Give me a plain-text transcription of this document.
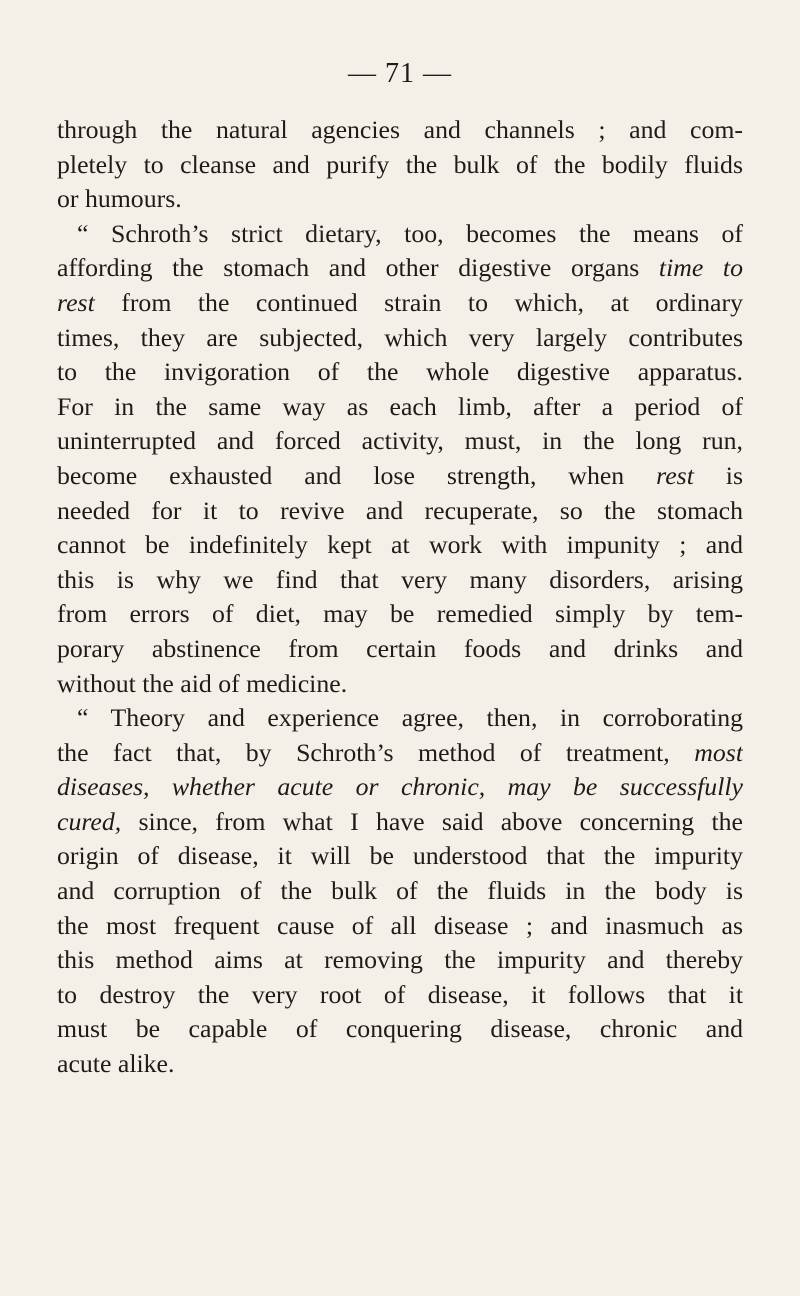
— 71 —
through the natural agencies and channels ; and com-
pletely to cleanse and purify the bulk of the bodily fluids
or humours.
“ Schroth’s strict dietary, too, becomes the means of
affording the stomach and other digestive organs time to
rest from the continued strain to which, at ordinary
times, they are subjected, which very largely contributes
to the invigoration of the whole digestive apparatus.
For in the same way as each limb, after a period of
uninterrupted and forced activity, must, in the long run,
become exhausted and lose strength, when rest is
needed for it to revive and recuperate, so the stomach
cannot be indefinitely kept at work with impunity ; and
this is why we find that very many disorders, arising
from errors of diet, may be remedied simply by tem-
porary abstinence from certain foods and drinks and
without the aid of medicine.
“ Theory and experience agree, then, in corroborating
the fact that, by Schroth’s method of treatment, most
diseases, whether acute or chronic, may be successfully
cured, since, from what I have said above concerning the
origin of disease, it will be understood that the impurity
and corruption of the bulk of the fluids in the body is
the most frequent cause of all disease ; and inasmuch as
this method aims at removing the impurity and thereby
to destroy the very root of disease, it follows that it
must be capable of conquering disease, chronic and
acute alike.
